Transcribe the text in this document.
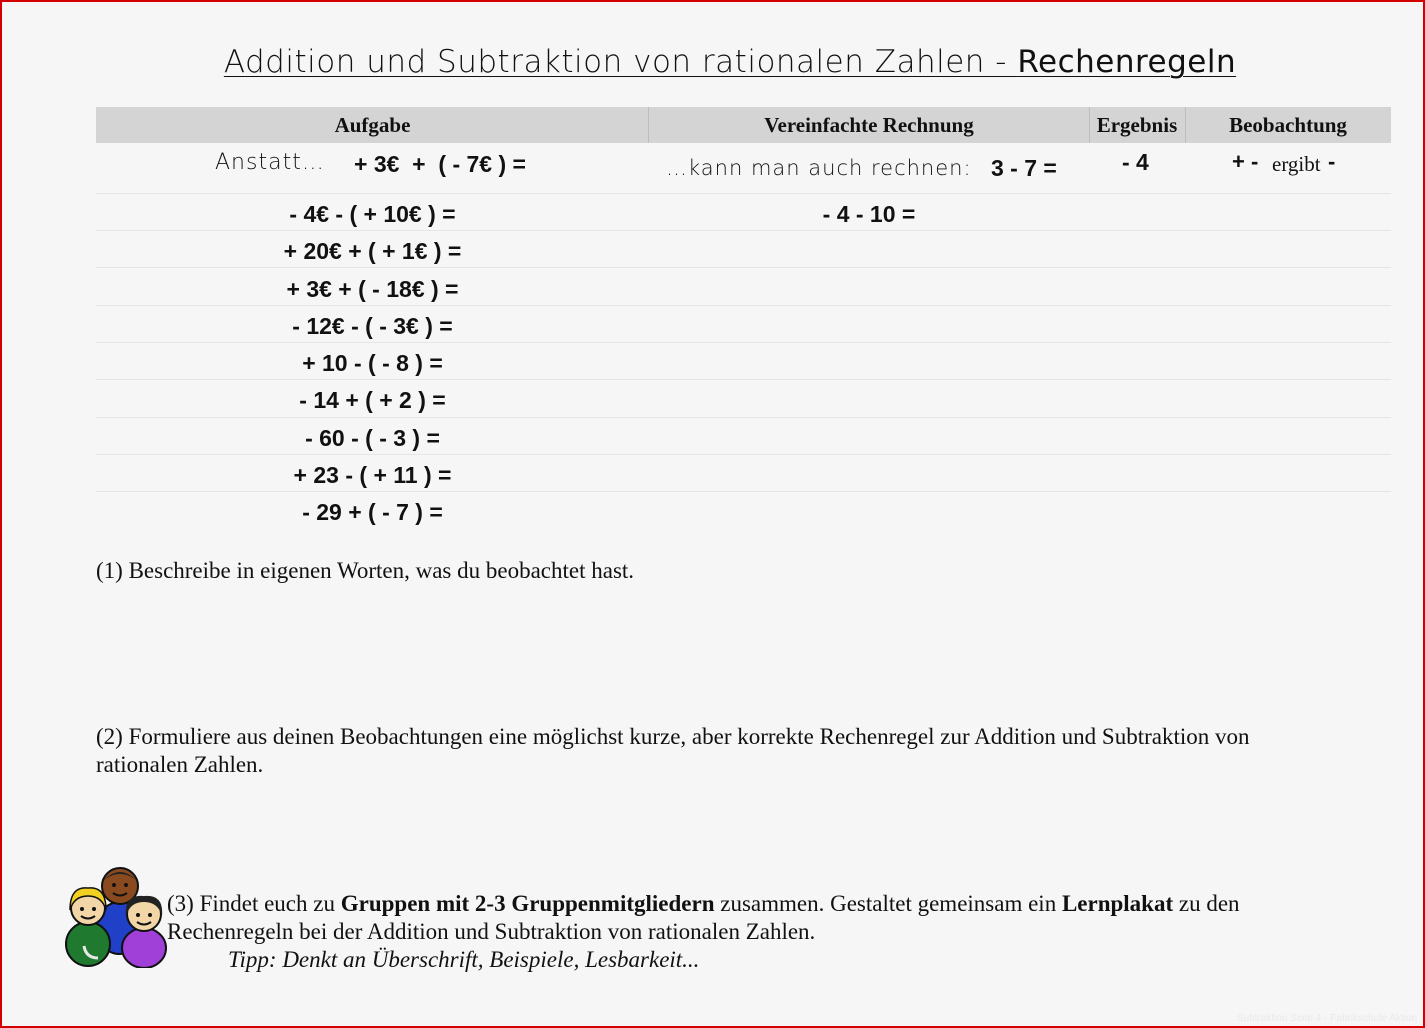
Addition und Subtraktion von rationalen Zahlen - Rechenregeln
Aufgabe	Vereinfachte Rechnung	Ergebnis	Beobachtung
Anstatt… + 3€  +  ( - 7€ ) =	…kann man auch rechnen: 3 - 7 =	- 4	+ - ergibt -
- 4€ - ( + 10€ ) =	- 4 - 10 =
+ 20€ + ( + 1€ ) =
+ 3€ + ( - 18€ ) =
- 12€ - ( - 3€ ) =
+ 10 - ( - 8 ) =
- 14 + ( + 2 ) =
- 60 - ( - 3 ) =
+ 23 - ( + 11 ) =
- 29 + ( - 7 ) =
(1) Beschreibe in eigenen Worten, was du beobachtet hast.
(2) Formuliere aus deinen Beobachtungen eine möglichst kurze, aber korrekte Rechenregel zur Addition und Subtraktion von rationalen Zahlen.
(3) Findet euch zu Gruppen mit 2-3 Gruppenmitgliedern zusammen. Gestaltet gemeinsam ein Lernplakat zu den Rechenregeln bei der Addition und Subtraktion von rationalen Zahlen.
Tipp: Denkt an Überschrift, Beispiele, Lesbarkeit...
Subtraktion Seite 4 - Fabrikschule Aktion
